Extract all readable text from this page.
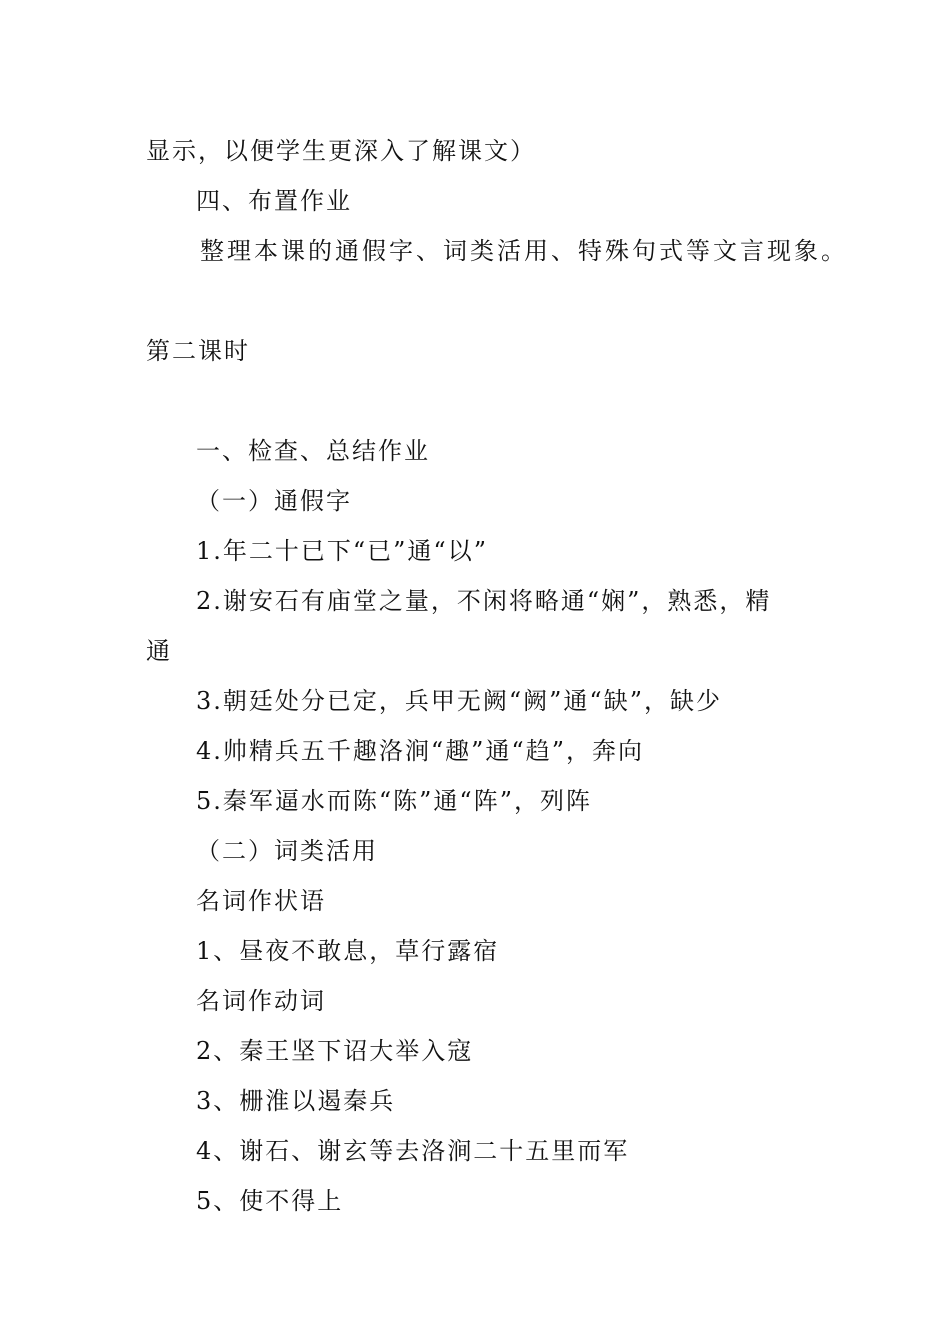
显示，以便学生更深入了解课文）
四、布置作业
整理本课的通假字、词类活用、特殊句式等文言现象。
第二课时
一、检查、总结作业
（一）通假字
1.年二十已下“已”通“以”
2.谢安石有庙堂之量，不闲将略通“娴”，熟悉，精
通
3.朝廷处分已定，兵甲无阙“阙”通“缺”，缺少
4.帅精兵五千趣洛涧“趣”通“趋”，奔向
5.秦军逼水而陈“陈”通“阵”，列阵
（二）词类活用
名词作状语
1、昼夜不敢息，草行露宿
名词作动词
2、秦王坚下诏大举入寇
3、栅淮以遏秦兵
4、谢石、谢玄等去洛涧二十五里而军
5、使不得上
